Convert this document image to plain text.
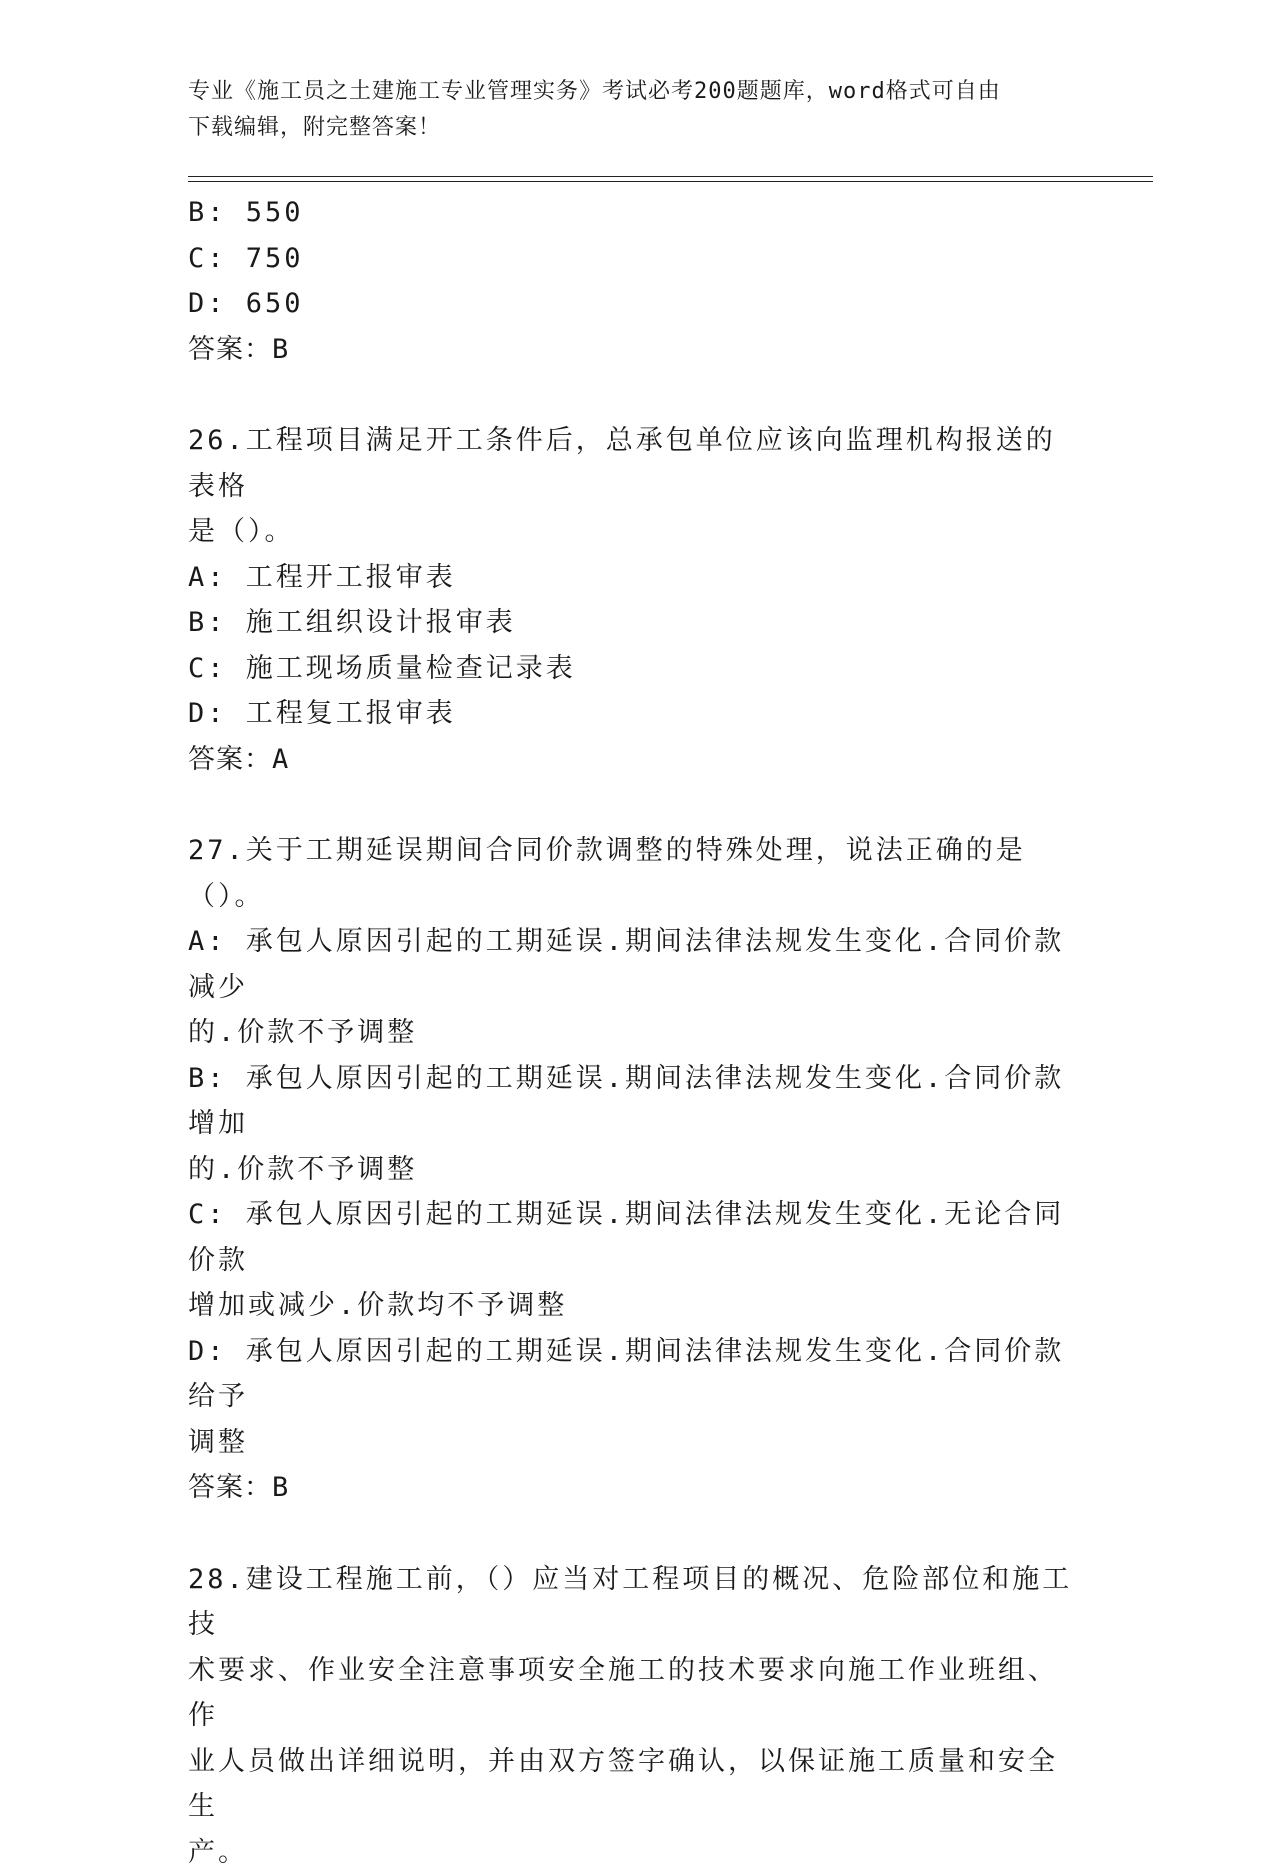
专业《施工员之土建施工专业管理实务》考试必考200题题库，word格式可自由
下载编辑，附完整答案！
B: 550
C: 750
D: 650
答案：B
26.工程项目满足开工条件后，总承包单位应该向监理机构报送的表格
是（）。
A: 工程开工报审表
B: 施工组织设计报审表
C: 施工现场质量检查记录表
D: 工程复工报审表
答案：A
27.关于工期延误期间合同价款调整的特殊处理，说法正确的是（）。
A: 承包人原因引起的工期延误.期间法律法规发生变化.合同价款减少
的.价款不予调整
B: 承包人原因引起的工期延误.期间法律法规发生变化.合同价款增加
的.价款不予调整
C: 承包人原因引起的工期延误.期间法律法规发生变化.无论合同价款
增加或减少.价款均不予调整
D: 承包人原因引起的工期延误.期间法律法规发生变化.合同价款给予
调整
答案：B
28.建设工程施工前，（）应当对工程项目的概况、危险部位和施工技
术要求、作业安全注意事项安全施工的技术要求向施工作业班组、作
业人员做出详细说明，并由双方签字确认，以保证施工质量和安全生
产。
